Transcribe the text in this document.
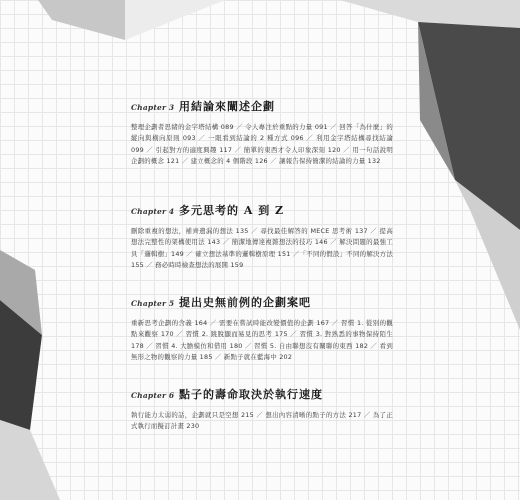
Chapter 3 用結論來闡述企劃
整理企劃者思緒的金字塔結構 089 ／ 令人專注於重點的力量 091 ／ 回答「為什麼」的縱向與橫向原則 093 ／ 一眼看到結論的 2 種方式 096 ／ 利用金字塔結構尋找結論 099 ／ 引起對方的適度興趣 117 ／ 簡單的東西才令人印象深刻 120 ／ 用一句話說明企劃的概念 121 ／ 建立概念的 4 個階段 126 ／ 讓報告保持簡潔的結論的力量 132
Chapter 4 多元思考的 A 到 Z
刪除重複的想法，補齊遺漏的想法 135 ／ 尋找最佳解答的 MECE 思考術 137 ／ 提高想法完整性的架構使用法 143 ／ 簡潔地傳達複雜想法的技巧 146 ／ 解決問題的最強工具「邏輯樹」149 ／ 確立想法基準的邏輯樹原理 151 ／「不同的假設」不同的解決方法 155 ／ 務必時時檢查想法的展開 159
Chapter 5 提出史無前例的企劃案吧
重新思考企劃的含義 164 ／ 需要在嘗試時能改變價值的企劃 167 ／ 習慣 1. 從別的觀點來觀察 170 ／ 習慣 2. 跳脫顯而易見的思考 175 ／ 習慣 3. 對熟悉的事物保持陌生 178 ／ 習慣 4. 大膽模仿和借用 180 ／ 習慣 5. 自由聯想沒有關聯的東西 182 ／ 看到無形之物的觀察的力量 185 ／ 新點子就在藍海中 202
Chapter 6 點子的壽命取決於執行速度
執行能力太弱的話，企劃就只是空想 215 ／ 想出內容清晰的點子的方法 217 ／ 為了正式執行而擬訂計畫 230
